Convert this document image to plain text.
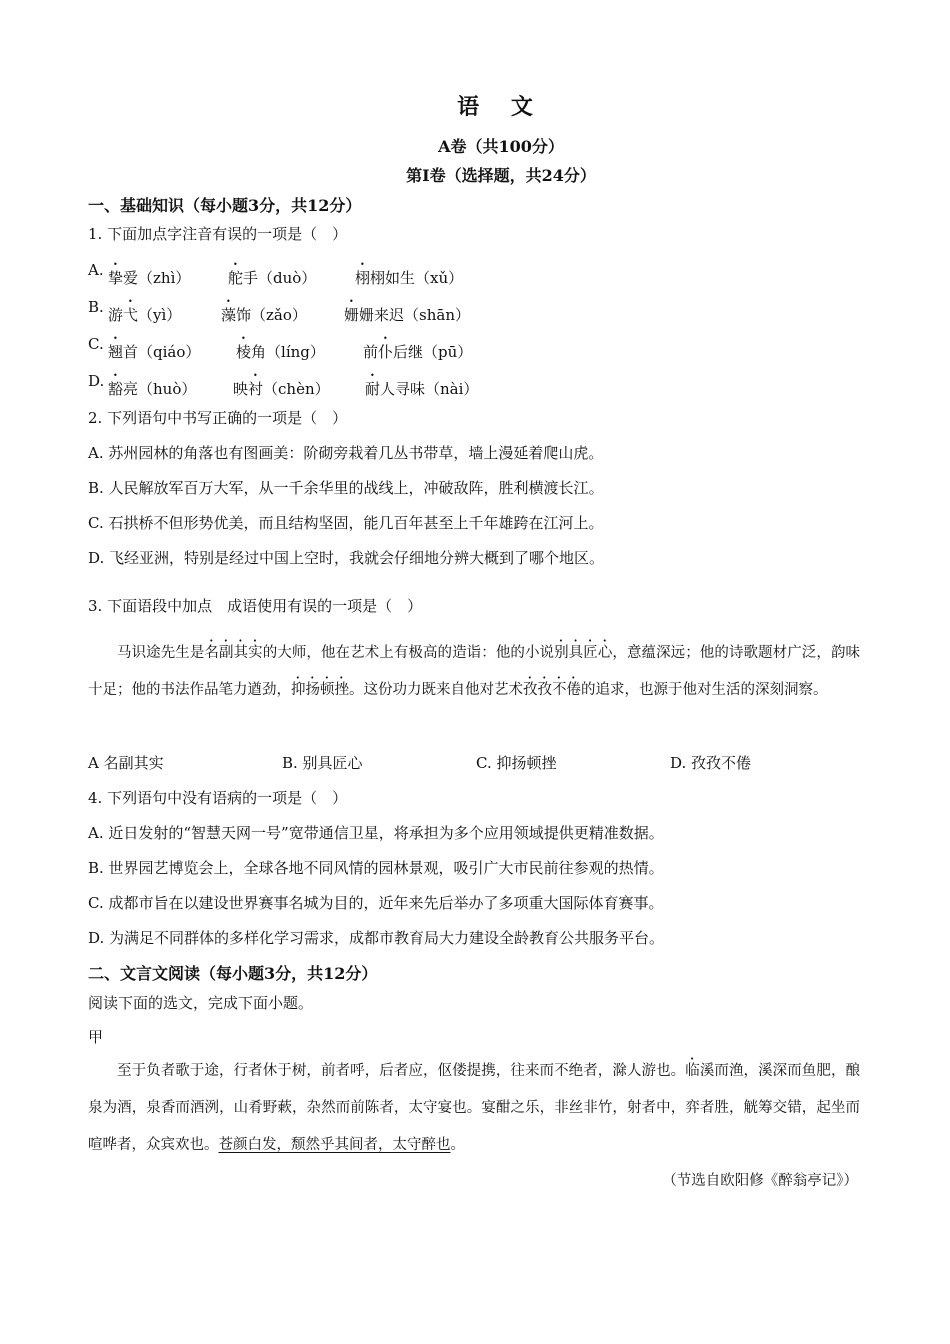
语 文
A卷（共100分）
第Ⅰ卷（选择题，共24分）
一、基础知识（每小题3分，共12分）
1. 下面加点字注音有误的一项是（　）
A. 挚爱（zhì）	舵手（duò）	栩栩如生（xǔ）
B. 游弋（yì）	藻饰（zǎo） 姗姗来迟（shān）
C. 翘首（qiáo） 棱角（líng）	前仆后继（pū）
D. 豁亮（huò） 映衬（chèn） 耐人寻味（nài）
2. 下列语句中书写正确的一项是（　）
A. 苏州园林的角落也有图画美：阶砌旁栽着几丛书带草，墙上漫延着爬山虎。
B. 人民解放军百万大军，从一千余华里的战线上，冲破敌阵，胜利横渡长江。
C. 石拱桥不但形势优美，而且结构坚固，能几百年甚至上千年雄跨在江河上。
D. 飞经亚洲，特别是经过中国上空时，我就会仔细地分辨大概到了哪个地区。
3. 下面语段中加点　成语使用有误的一项是（　）
马识途先生是名副其实的大师，他在艺术上有极高的造诣：他的小说别具匠心，意蕴深远；他的诗歌题材广泛，韵味十足；他的书法作品笔力遒劲，抑扬顿挫。这份功力既来自他对艺术孜孜不倦的追求，也源于他对生活的深刻洞察。
A 名副其实	B. 别具匠心	C. 抑扬顿挫	D. 孜孜不倦
4. 下列语句中没有语病的一项是（　）
A. 近日发射的“智慧天网一号”宽带通信卫星，将承担为多个应用领域提供更精准数据。
B. 世界园艺博览会上，全球各地不同风情的园林景观，吸引广大市民前往参观的热情。
C. 成都市旨在以建设世界赛事名城为目的，近年来先后举办了多项重大国际体育赛事。
D. 为满足不同群体的多样化学习需求，成都市教育局大力建设全龄教育公共服务平台。
二、文言文阅读（每小题3分，共12分）
阅读下面的选文，完成下面小题。
甲
至于负者歌于途，行者休于树，前者呼，后者应，伛偻提携，往来而不绝者，滁人游也。临溪而渔，溪深而鱼肥，酿泉为酒，泉香而酒洌，山肴野蔌，杂然而前陈者，太守宴也。宴酣之乐，非丝非竹，射者中，弈者胜，觥筹交错，起坐而喧哗者，众宾欢也。苍颜白发，颓然乎其间者，太守醉也。
（节选自欧阳修《醉翁亭记》）
